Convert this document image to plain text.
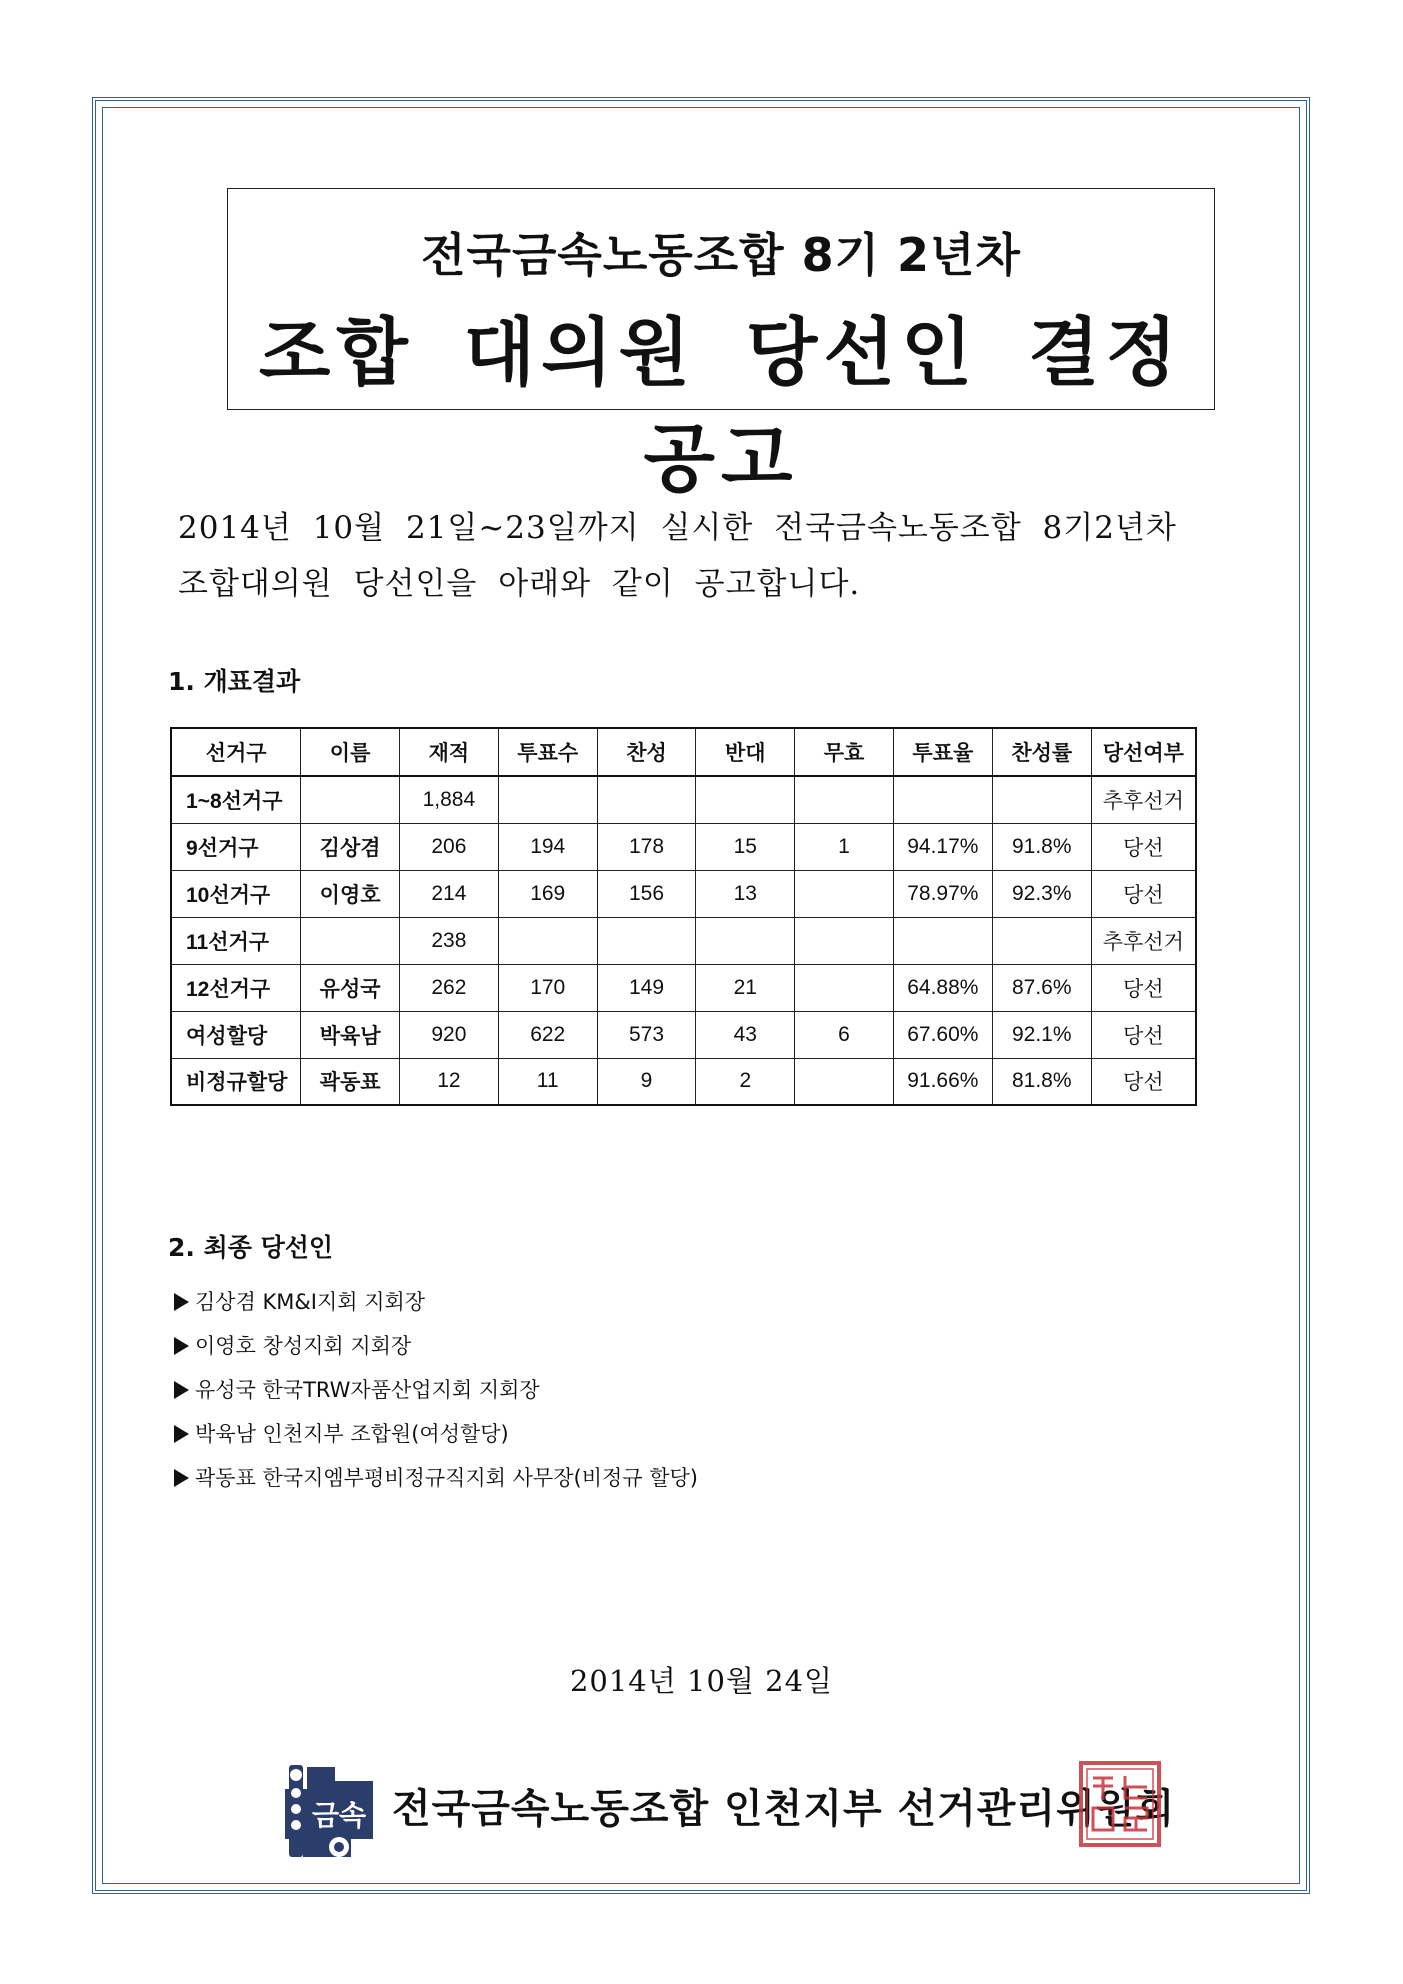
전국금속노동조합 8기 2년차
조합 대의원 당선인 결정 공고

2014년 10월 21일~23일까지 실시한 전국금속노동조합 8기2년차

조합대의원 당선인을 아래와 같이 공고합니다.

1. 개표결과
선거구	이름	재적	투표수	찬성	반대	무효	투표율	찬성률	당선여부
1~8선거구		1,884							추후선거
9선거구	김상겸	206	194	178	15	1	94.17%	91.8%	당선
10선거구	이영호	214	169	156	13		78.97%	92.3%	당선
11선거구		238							추후선거
12선거구	유성국	262	170	149	21		64.88%	87.6%	당선
여성할당	박육남	920	622	573	43	6	67.60%	92.1%	당선
비정규할당	곽동표	12	11	9	2		91.66%	81.8%	당선
2. 최종 당선인
김상겸 KM&I지회 지회장
이영호 창성지회 지회장
유성국 한국TRW자품산업지회 지회장
박육남 인천지부 조합원(여성할당)
곽동표 한국지엠부평비정규직지회 사무장(비정규 할당)
2014년 10월 24일
금속 전국금속노동조합 인천지부 선거관리위원회
